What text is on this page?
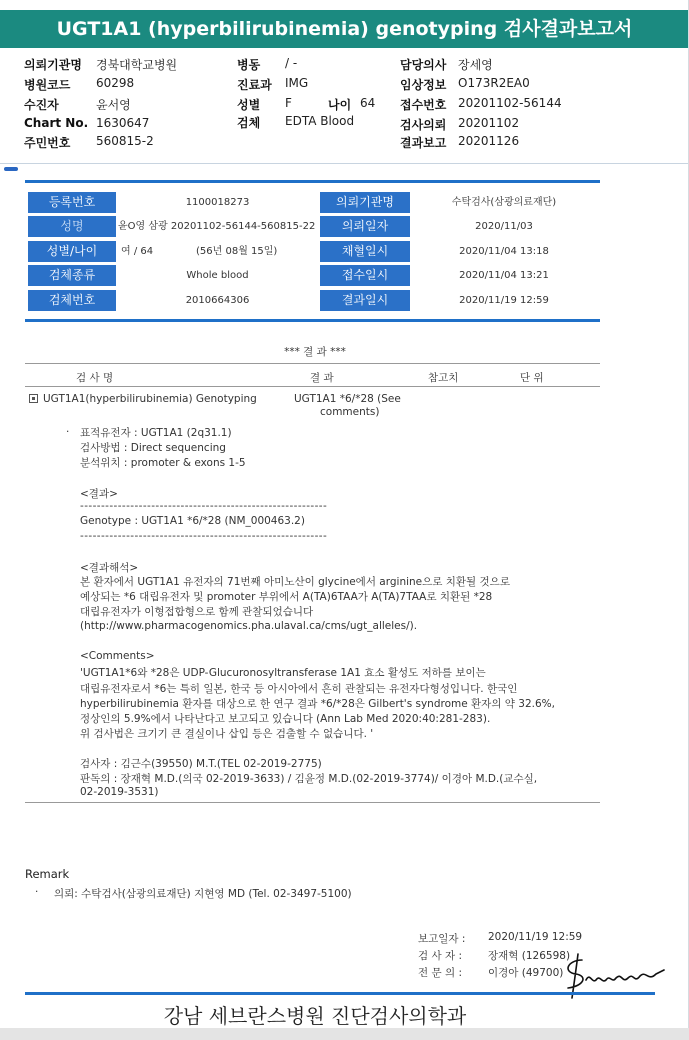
UGT1A1 (hyperbilirubinemia) genotyping 검사결과보고서
의뢰기관명 경북대학교병원
병원코드 60298
수진자	윤서영
Chart No. 1630647
주민번호 560815-2
병동 / -
진료과 IMG
성별 F	나이 64
검체 EDTA Blood
담당의사 장세영
임상정보 O173R2EA0
접수번호 20201102-56144
검사의뢰 20201102
결과보고 20201126
등록번호	1100018273	의뢰기관명	수탁검사(삼광의료재단)
성명	윤O영 삼광 20201102-56144-560815-22	의뢰일자	2020/11/03
성별/나이	여 / 64	(56년 08월 15일)	채혈일시	2020/11/04 13:18
검체종류	Whole blood	접수일시	2020/11/04 13:21
검체번호	2010664306	결과일시	2020/11/19 12:59
*** 결 과 ***
검 사 명	결 과	참고치	단 위
UGT1A1(hyperbilirubinemia) Genotyping	UGT1A1 *6/*28 (See
comments)
· 표적유전자 : UGT1A1 (2q31.1)
검사방법 : Direct sequencing
분석위치 : promoter & exons 1-5
<결과>
-----------------------------------------------------------
Genotype : UGT1A1 *6/*28 (NM_000463.2)
-----------------------------------------------------------
<결과해석>
본 환자에서 UGT1A1 유전자의 71번째 아미노산이 glycine에서 arginine으로 치환될 것으로
예상되는 *6 대립유전자 및 promoter 부위에서 A(TA)6TAA가 A(TA)7TAA로 치환된 *28
대립유전자가 이형접합형으로 함께 관찰되었습니다
(http://www.pharmacogenomics.pha.ulaval.ca/cms/ugt_alleles/).
<Comments>
'UGT1A1*6와 *28은 UDP-Glucuronosyltransferase 1A1 효소 활성도 저하를 보이는
대립유전자로서 *6는 특히 일본, 한국 등 아시아에서 흔히 관찰되는 유전자다형성입니다. 한국인
hyperbilirubinemia 환자를 대상으로 한 연구 결과 *6/*28은 Gilbert's syndrome 환자의 약 32.6%,
정상인의 5.9%에서 나타난다고 보고되고 있습니다 (Ann Lab Med 2020:40:281-283).
위 검사법은 크기기 큰 결실이나 삽입 등은 검출할 수 없습니다. '
검사자 : 김근수(39550) M.T.(TEL 02-2019-2775)
판독의 : 장재혁 M.D.(의국 02-2019-3633) / 김윤정 M.D.(02-2019-3774)/ 이경아 M.D.(교수실,
02-2019-3531)
Remark
· 의뢰: 수탁검사(삼광의료재단) 지현영 MD (Tel. 02-3497-5100)
보고일자 : 2020/11/19 12:59
검 사 자 : 장재혁 (126598)
전 문 의 : 이경아 (49700)
강남 세브란스병원 진단검사의학과
